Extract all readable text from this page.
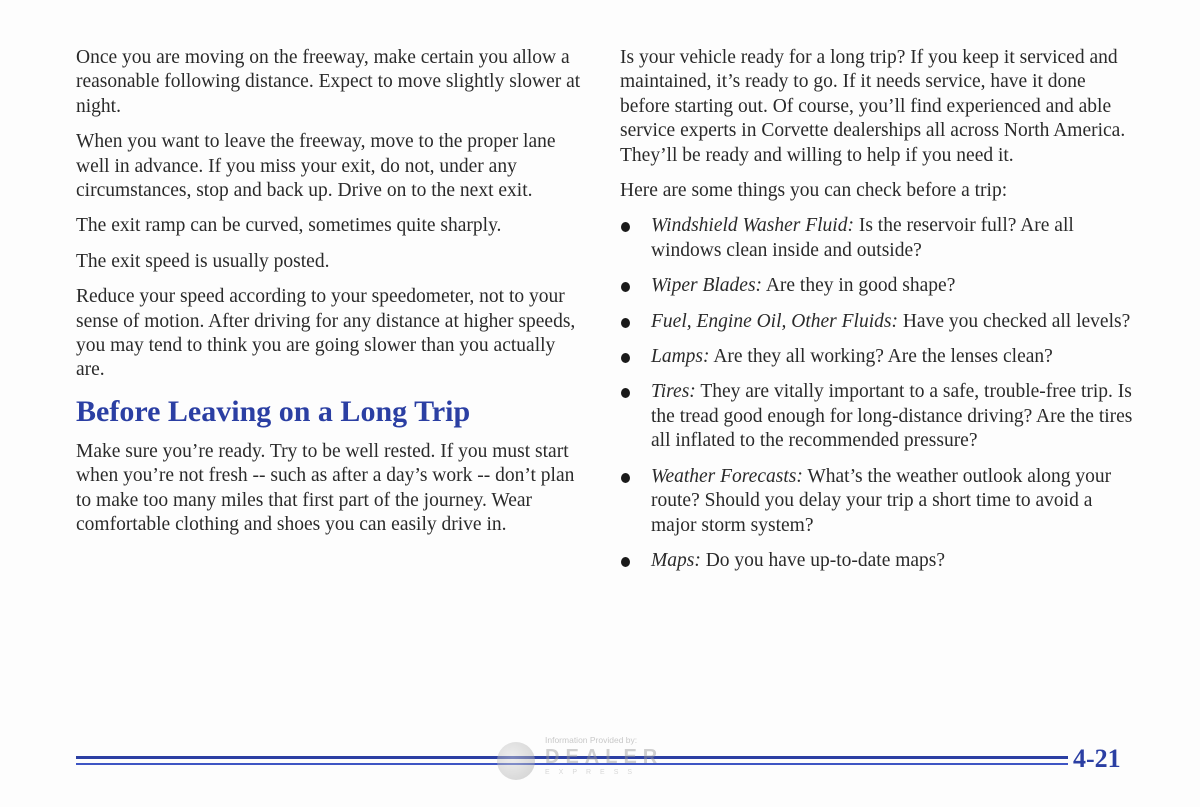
Once you are moving on the freeway, make certain you allow a reasonable following distance. Expect to move slightly slower at night.

When you want to leave the freeway, move to the proper lane well in advance. If you miss your exit, do not, under any circumstances, stop and back up. Drive on to the next exit.

The exit ramp can be curved, sometimes quite sharply.

The exit speed is usually posted.

Reduce your speed according to your speedometer, not to your sense of motion. After driving for any distance at higher speeds, you may tend to think you are going slower than you actually are.

Before Leaving on a Long Trip

Make sure you’re ready. Try to be well rested. If you must start when you’re not fresh -- such as after a day’s work -- don’t plan to make too many miles that first part of the journey. Wear comfortable clothing and shoes you can easily drive in.

Is your vehicle ready for a long trip? If you keep it serviced and maintained, it’s ready to go. If it needs service, have it done before starting out. Of course, you’ll find experienced and able service experts in Corvette dealerships all across North America. They’ll be ready and willing to help if you need it.

Here are some things you can check before a trip:

Windshield Washer Fluid: Is the reservoir full? Are all windows clean inside and outside?
Wiper Blades: Are they in good shape?
Fuel, Engine Oil, Other Fluids: Have you checked all levels?
Lamps: Are they all working? Are the lenses clean?
Tires: They are vitally important to a safe, trouble-free trip. Is the tread good enough for long-distance driving? Are the tires all inflated to the recommended pressure?
Weather Forecasts: What’s the weather outlook along your route? Should you delay your trip a short time to avoid a major storm system?
Maps: Do you have up-to-date maps?
Information Provided by:
DEALER
EXPRESS	4-21
